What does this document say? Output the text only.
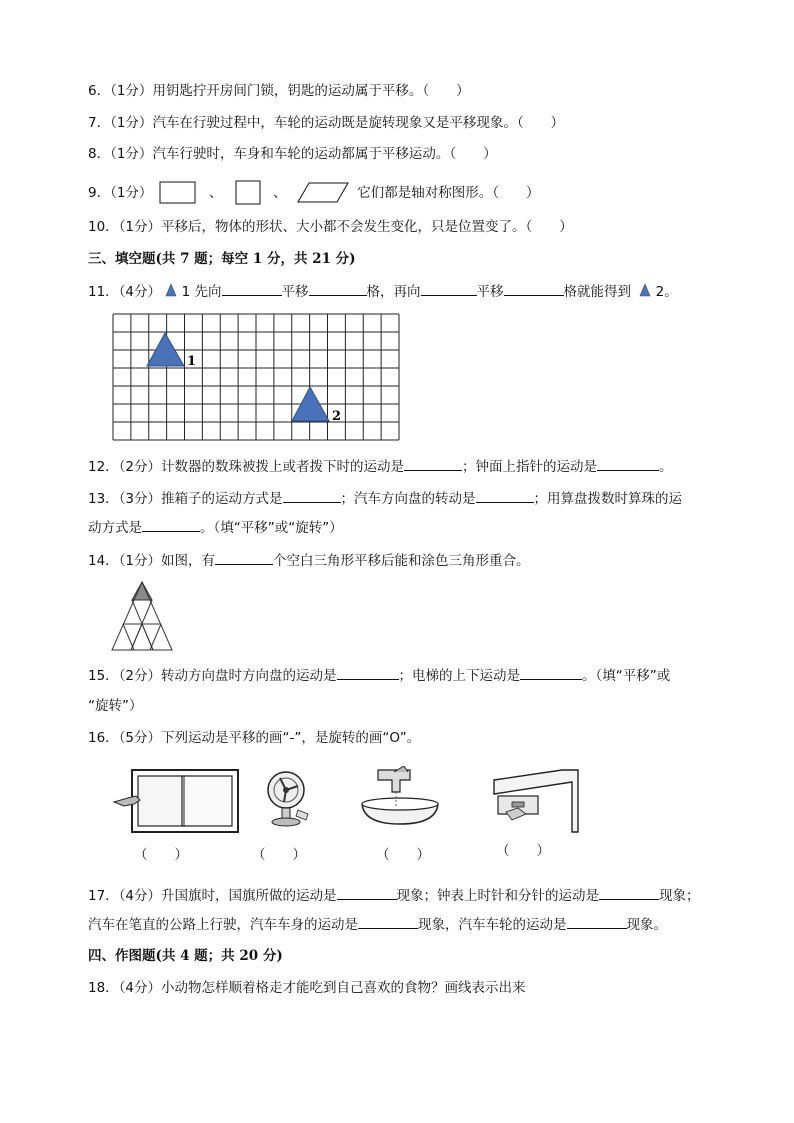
6．（1分）用钥匙拧开房间门锁，钥匙的运动属于平移。（　　）
7．（1分）汽车在行驶过程中，车轮的运动既是旋转现象又是平移现象。（　　）
8．（1分）汽车行驶时，车身和车轮的运动都属于平移运动。（　　）
9．（1分）	、	、	它们都是轴对称图形。（　　）
10．（1分）平移后，物体的形状、大小都不会发生变化，只是位置变了。（　　）
三、填空题(共 7 题；每空 1 分，共 21 分)
11．（4分） 1 先向	平移	格，再向	平移	格就能得到 2。
1
2
12．（2分）计数器的数珠被拨上或者拨下时的运动是	；钟面上指针的运动是	。
13．（3分）推箱子的运动方式是	；汽车方向盘的转动是	；用算盘拨数时算珠的运
动方式是	。（填“平移”或“旋转”）
14．（1分）如图，有	个空白三角形平移后能和涂色三角形重合。
15．（2分）转动方向盘时方向盘的运动是	；电梯的上下运动是	。（填“平移”或
“旋转”）
16．（5分）下列运动是平移的画“-”，是旋转的画“O”。
（　　）	（　　）	（　　）	（　　）
17．（4分）升国旗时，国旗所做的运动是	现象；钟表上时针和分针的运动是	现象；
汽车在笔直的公路上行驶，汽车车身的运动是	现象，汽车车轮的运动是	现象。
四、作图题(共 4 题；共 20 分)
18．（4分）小动物怎样顺着格走才能吃到自己喜欢的食物？画线表示出来
